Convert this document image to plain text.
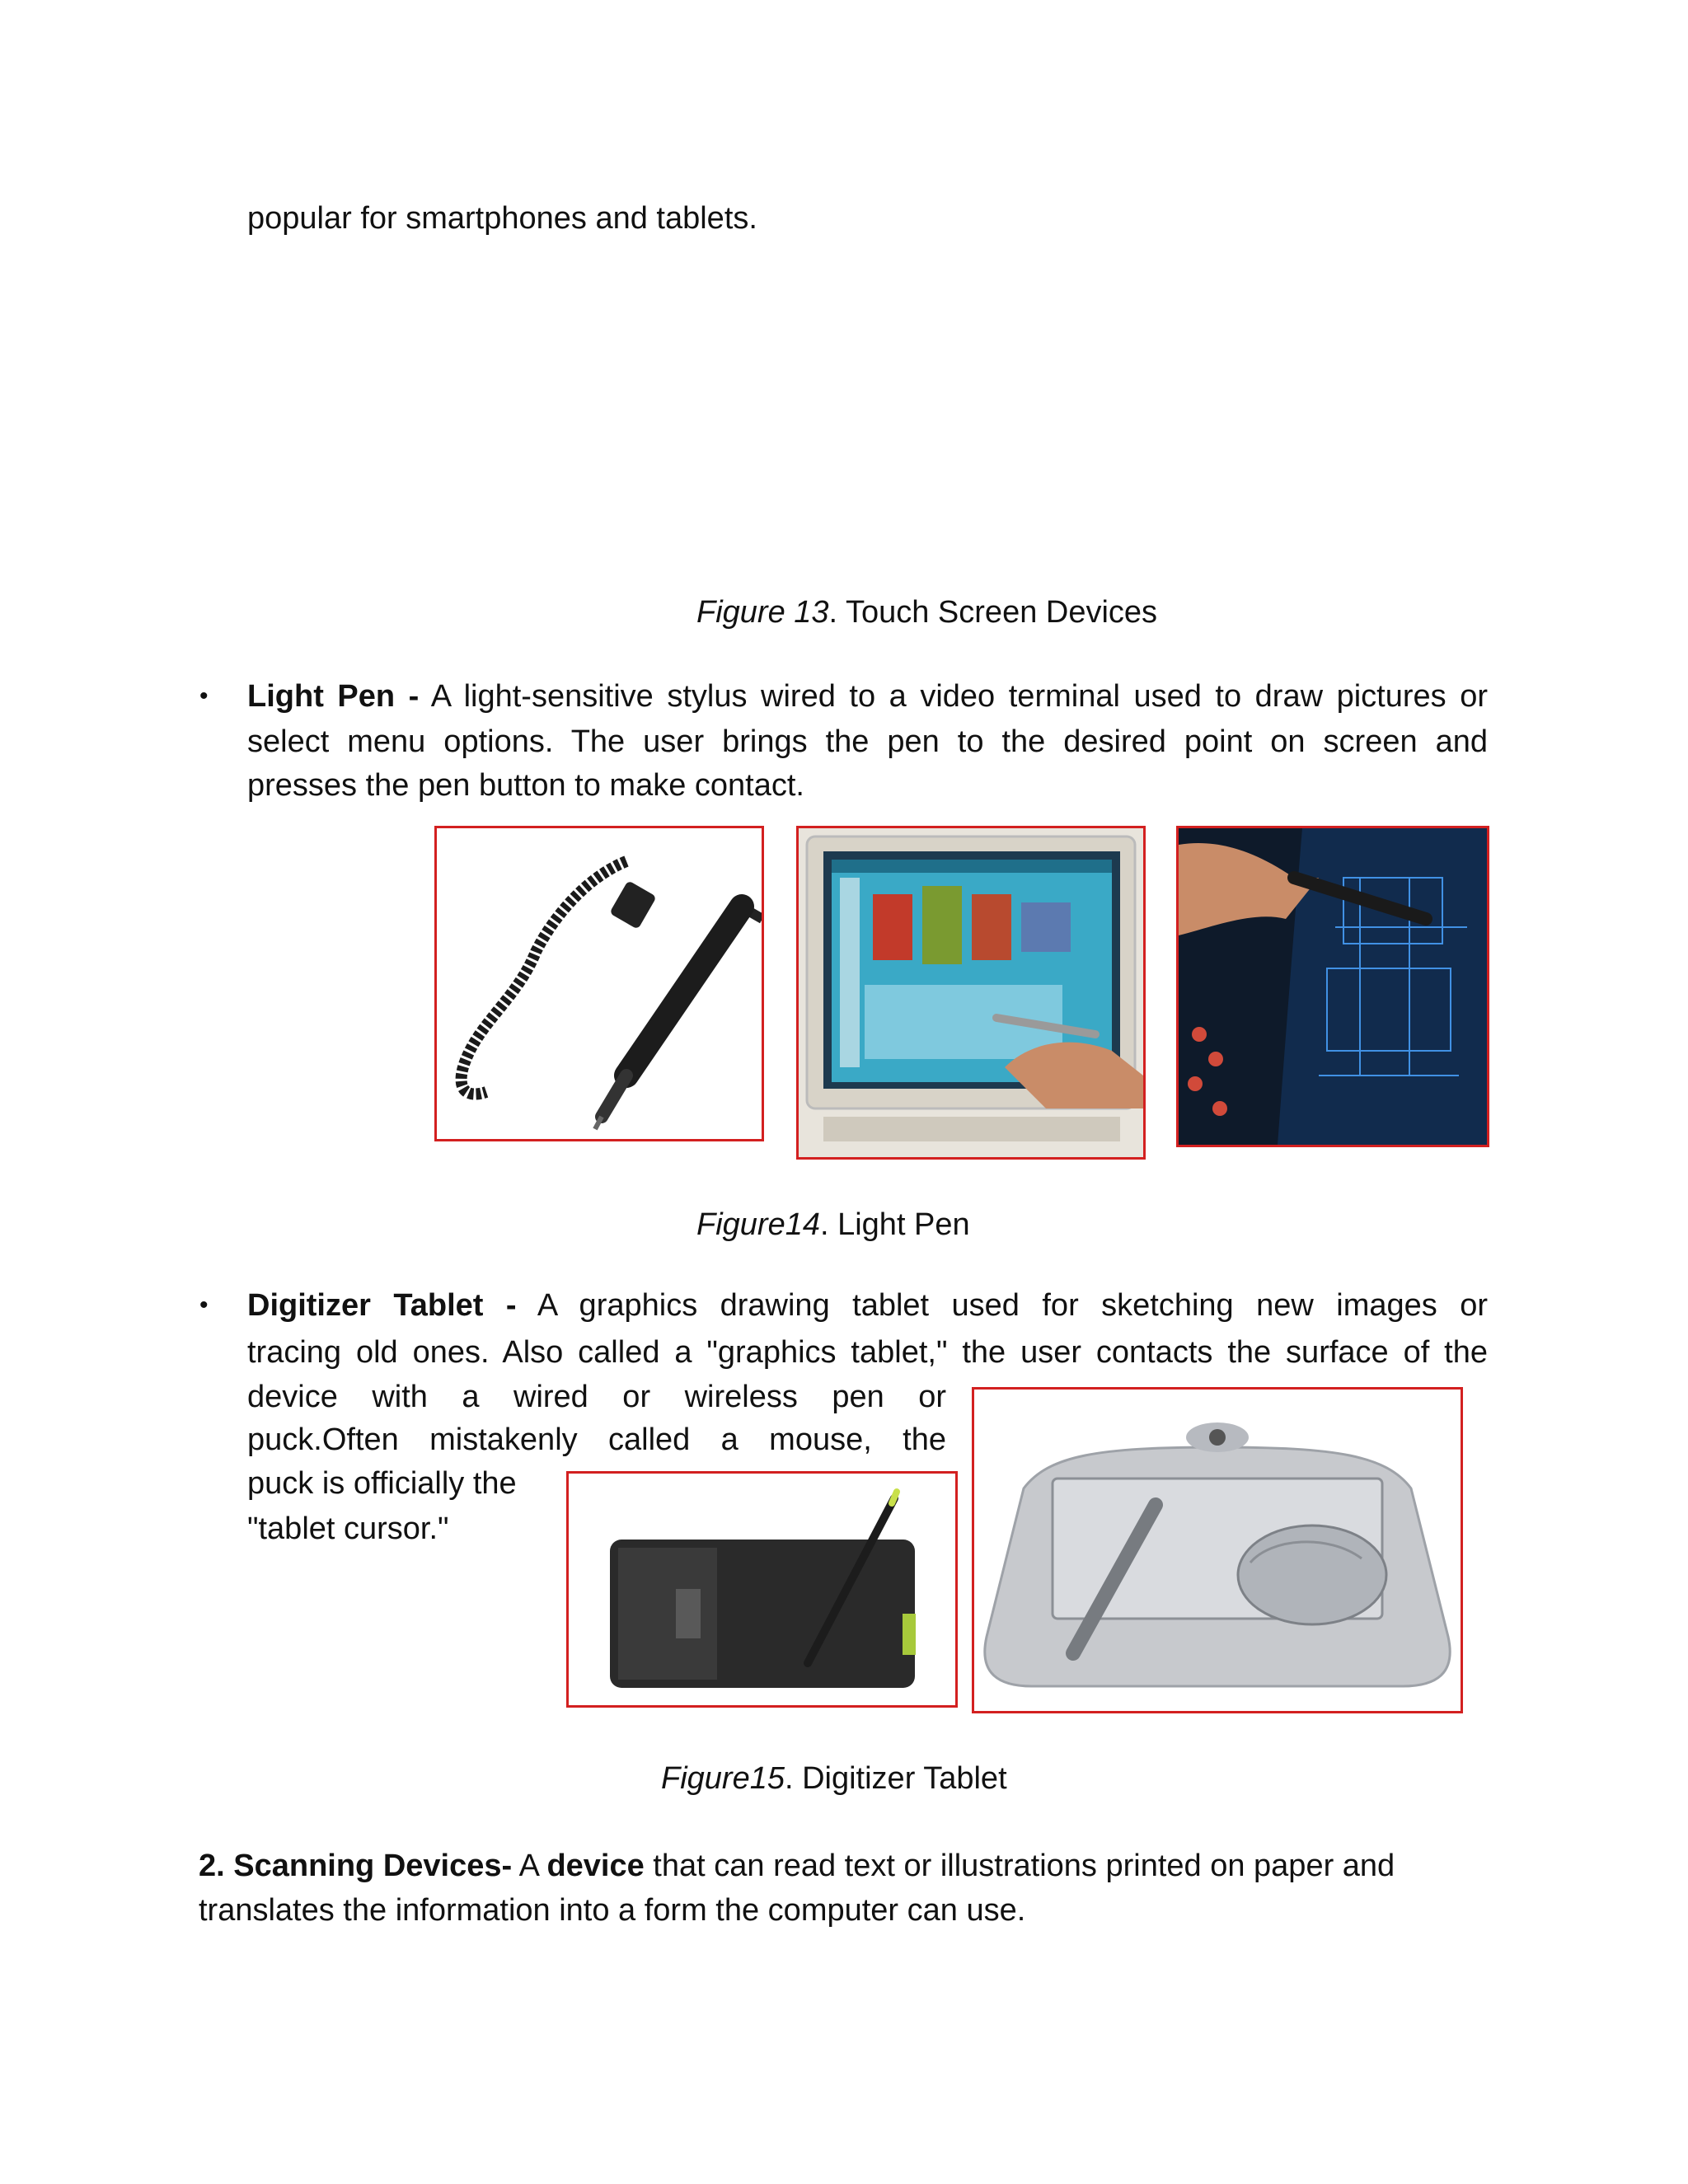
popular for smartphones and tablets.
Figure 13. Touch Screen Devices
• Light Pen - A light-sensitive stylus wired to a video terminal used to draw pictures or
select menu options. The user brings the pen to the desired point on screen and
presses the pen button to make contact.
Figure14. Light Pen
• Digitizer Tablet - A graphics drawing tablet used for sketching new images or
tracing old ones. Also called a "graphics tablet," the user contacts the surface of the
device with a wired or wireless pen or
puck.Often mistakenly called a mouse, the
puck is officially the
"tablet cursor."
Figure15. Digitizer Tablet
2. Scanning Devices- A device that can read text or illustrations printed on paper and
translates the information into a form the computer can use.
